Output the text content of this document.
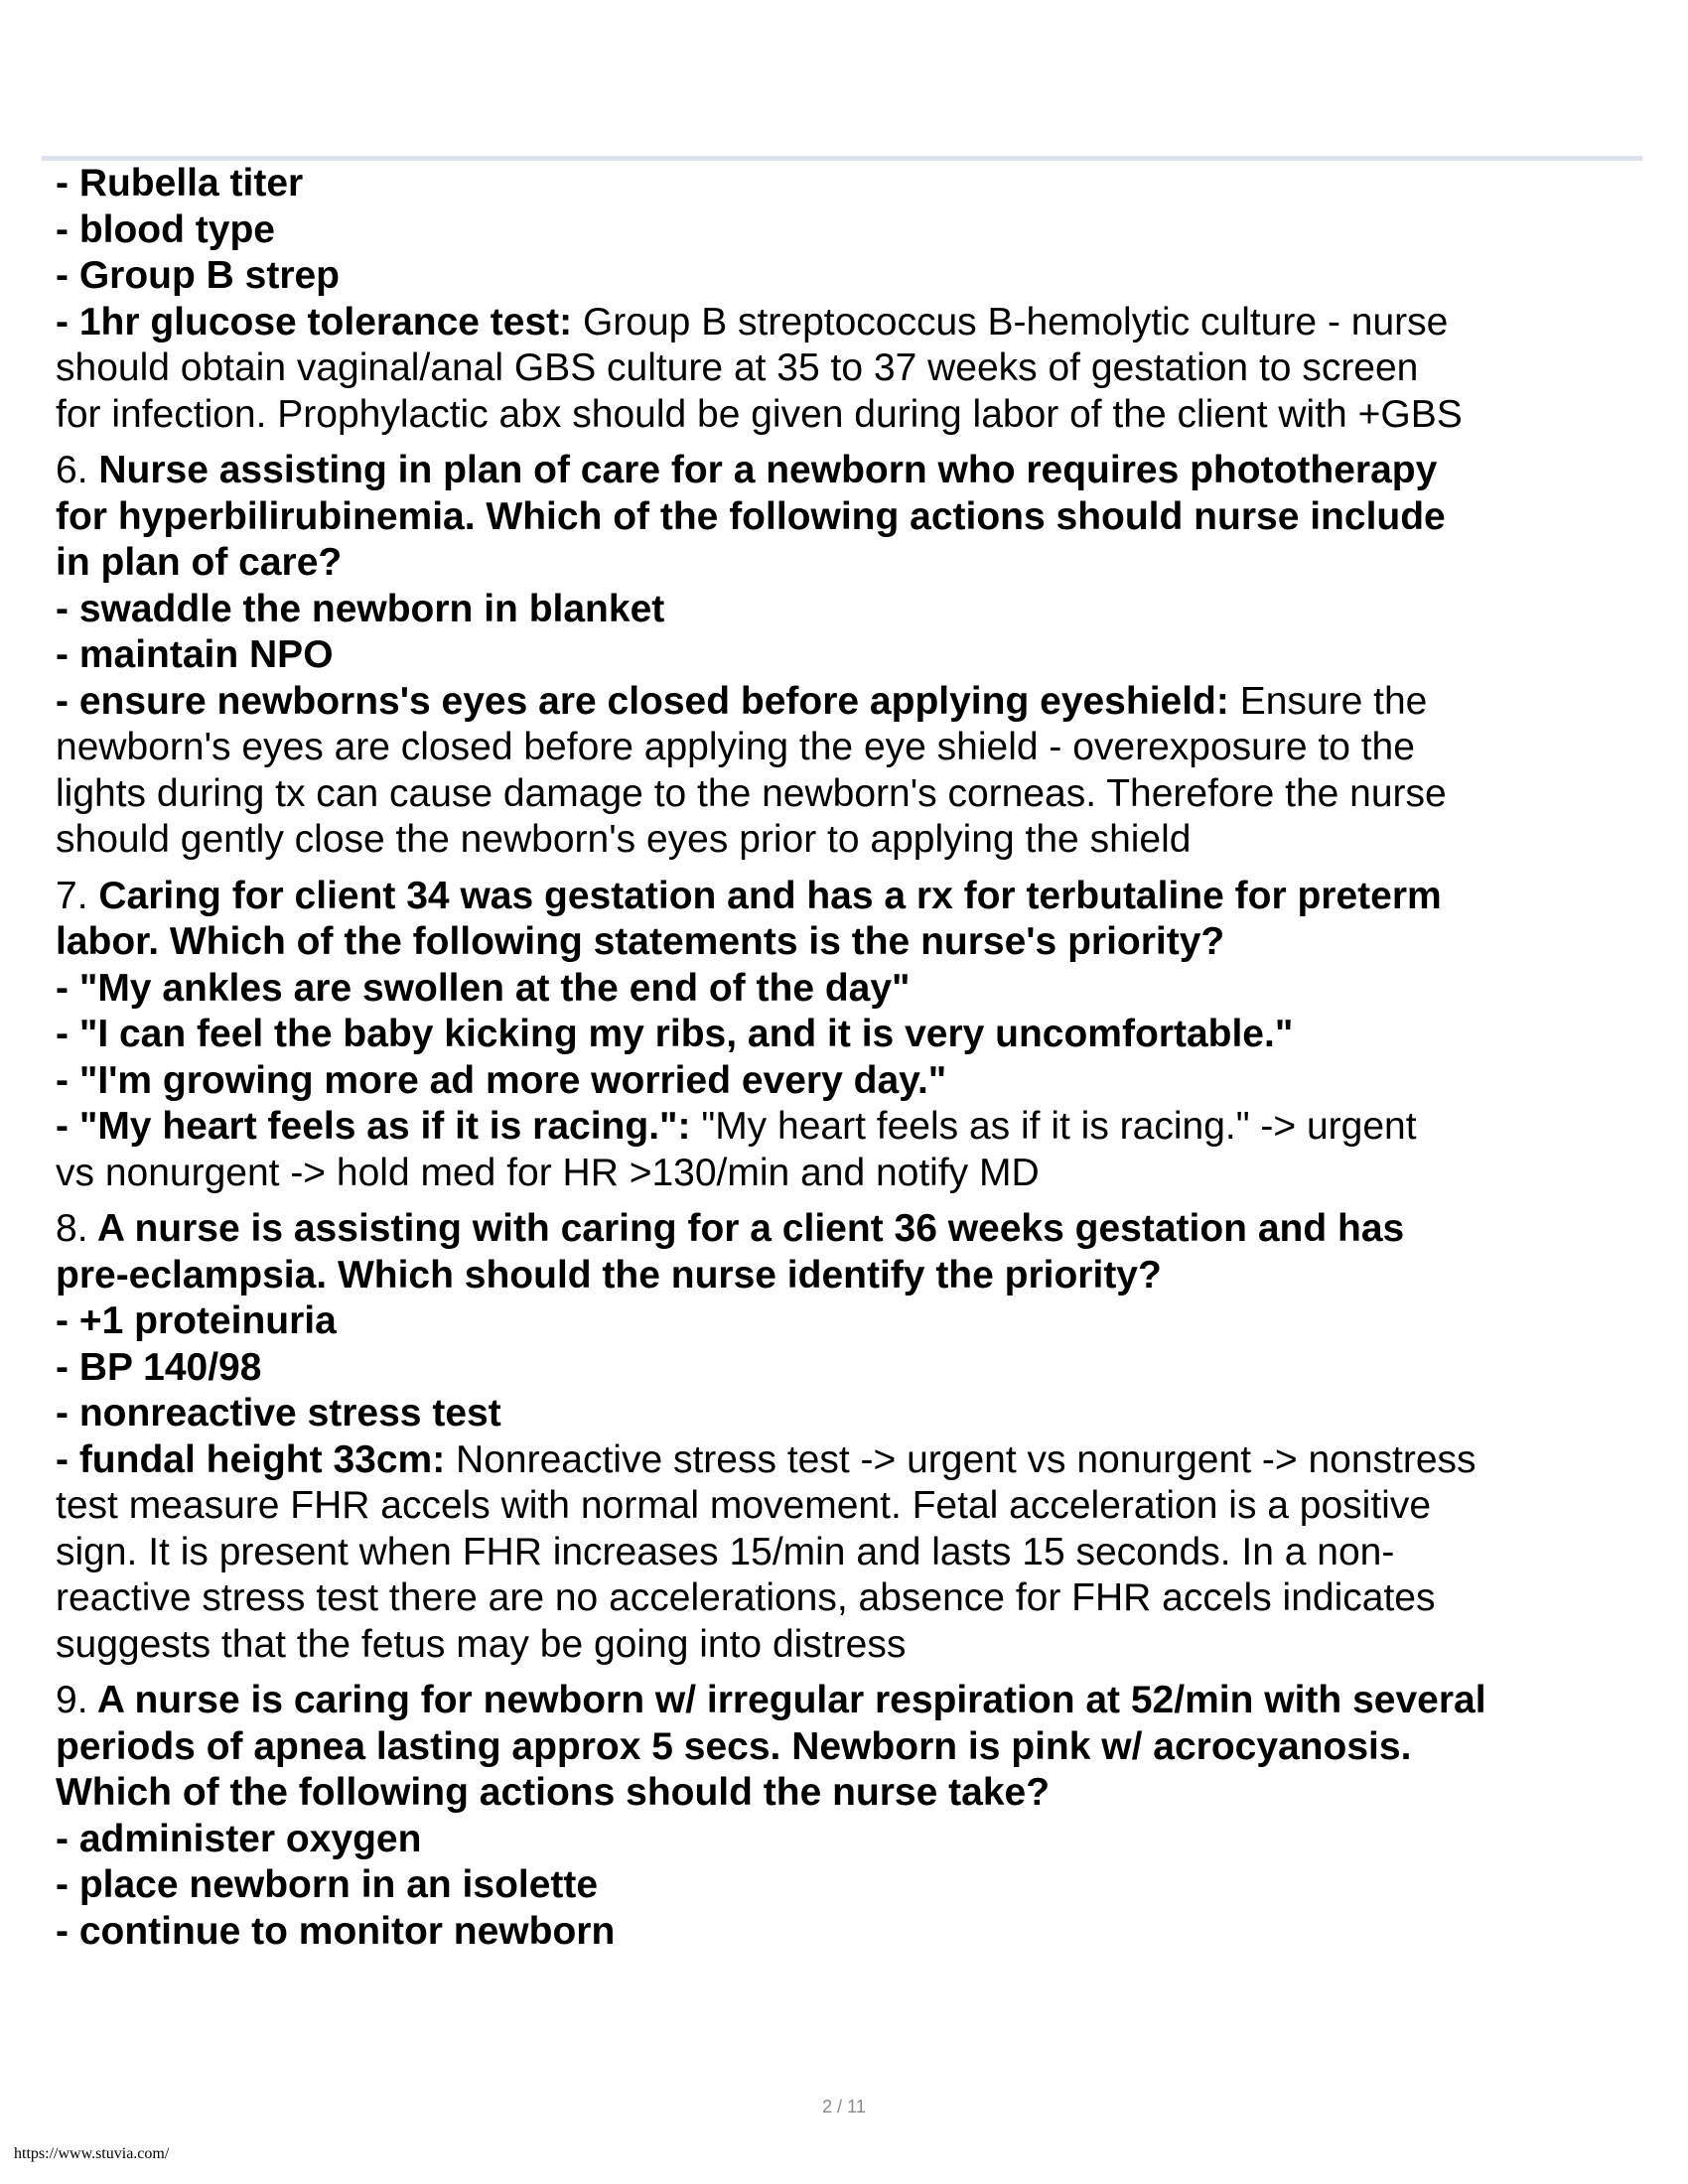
- Rubella titer
- blood type
- Group B strep
- 1hr glucose tolerance test: Group B streptococcus B-hemolytic culture - nurse
should obtain vaginal/anal GBS culture at 35 to 37 weeks of gestation to screen
for infection. Prophylactic abx should be given during labor of the client with +GBS
6. Nurse assisting in plan of care for a newborn who requires phototherapy
for hyperbilirubinemia. Which of the following actions should nurse include
in plan of care?
- swaddle the newborn in blanket
- maintain NPO
- ensure newborns's eyes are closed before applying eyeshield: Ensure the
newborn's eyes are closed before applying the eye shield - overexposure to the
lights during tx can cause damage to the newborn's corneas. Therefore the nurse
should gently close the newborn's eyes prior to applying the shield
7. Caring for client 34 was gestation and has a rx for terbutaline for preterm
labor. Which of the following statements is the nurse's priority?
- "My ankles are swollen at the end of the day"
- "I can feel the baby kicking my ribs, and it is very uncomfortable."
- "I'm growing more ad more worried every day."
- "My heart feels as if it is racing.": "My heart feels as if it is racing." -> urgent
vs nonurgent -> hold med for HR >130/min and notify MD
8. A nurse is assisting with caring for a client 36 weeks gestation and has
pre-eclampsia. Which should the nurse identify the priority?
- +1 proteinuria
- BP 140/98
- nonreactive stress test
- fundal height 33cm: Nonreactive stress test -> urgent vs nonurgent -> nonstress
test measure FHR accels with normal movement. Fetal acceleration is a positive
sign. It is present when FHR increases 15/min and lasts 15 seconds. In a non-
reactive stress test there are no accelerations, absence for FHR accels indicates
suggests that the fetus may be going into distress
9. A nurse is caring for newborn w/ irregular respiration at 52/min with several
periods of apnea lasting approx 5 secs. Newborn is pink w/ acrocyanosis.
Which of the following actions should the nurse take?
- administer oxygen
- place newborn in an isolette
- continue to monitor newborn
2 / 11
https://www.stuvia.com/
